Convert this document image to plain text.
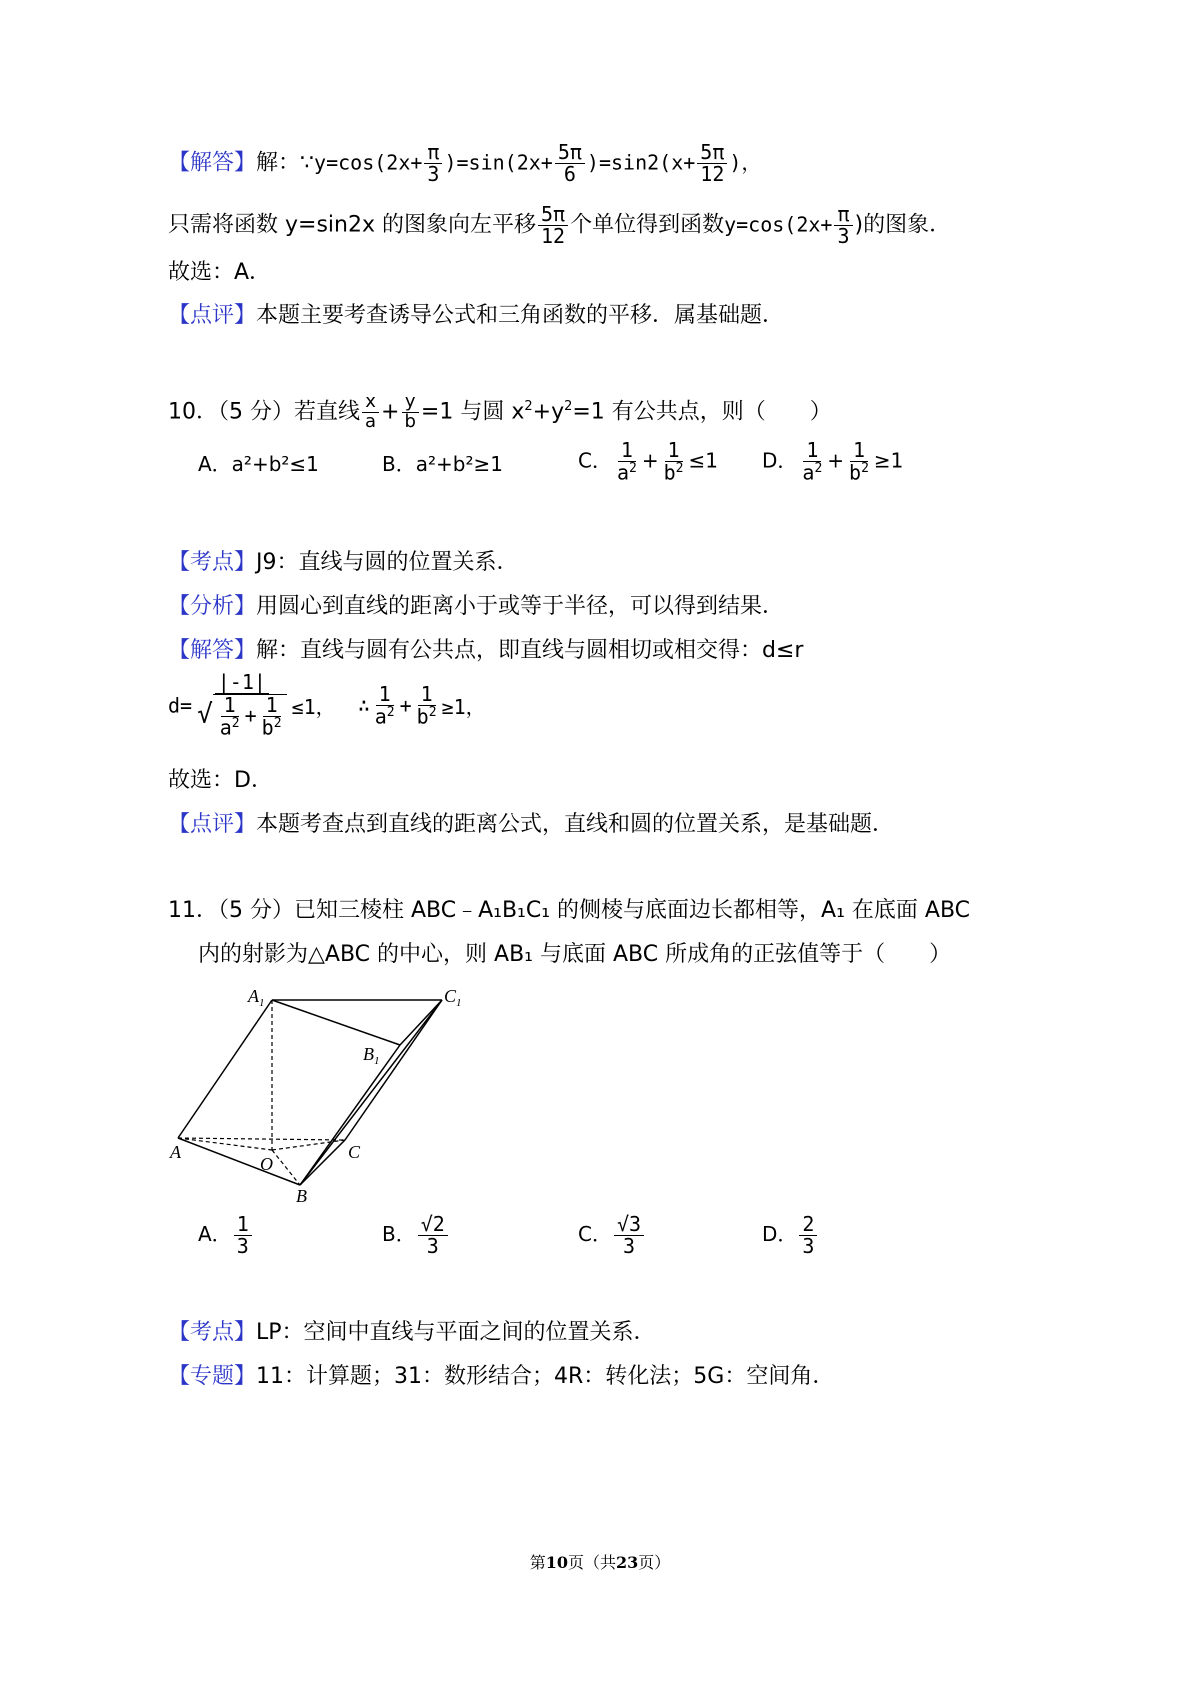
【解答】解：∵y=cos(2x+ $\frac{\pi}{3} )=\sin(2x+ \frac{5\pi}{6} )=\sin 2(x+ \frac{5\pi}{12}$ )，
只需将函数 y=sin2x 的图象向左平移 $\frac{5\pi}{12}$ 个单位得到函数$y=\cos(2x+ \frac{\pi}{3}$ )的图象．
故选：A．
【点评】本题主要考查诱导公式和三角函数的平移．属基础题．
10．（5 分）若直线 $\frac{x}{a} + \frac{y}{b} =1$ 与圆 $x^2+y^2=1$ 有公共点，则（　　）
A．a²+b²≤1	B．a²+b²≥1	C． $\frac{1}{a^2} + \frac{1}{b^2} \le 1$ D． $\frac{1}{a^2} + \frac{1}{b^2} \ge 1$
【考点】J9：直线与圆的位置关系．
【分析】用圆心到直线的距离小于或等于半径，可以得到结果．
【解答】解：直线与圆有公共点，即直线与圆相切或相交得：d≤r
$d= \frac{|-1|}{√ \frac{1}{a^2} + \frac{1}{b^2}} \le 1$， ∴ $\frac{1}{a^2} + \frac{1}{b^2} \ge 1$，
故选：D．
【点评】本题考查点到直线的距离公式，直线和圆的位置关系，是基础题．
11．（5 分）已知三棱柱 ABC﹣A₁B₁C₁ 的侧棱与底面边长都相等，A₁ 在底面 ABC
内的射影为△ABC 的中心，则 AB₁ 与底面 ABC 所成角的正弦值等于（　　）
$A_1$	$C_1$
$B_1$
A	C
O
B
A． $\frac{1}{3}$	B． $\frac{√2}{3}$	C． $\frac{√3}{3}$	D． $\frac{2}{3}$
【考点】LP：空间中直线与平面之间的位置关系．
【专题】11：计算题；31：数形结合；4R：转化法；5G：空间角．
第10页（共23页）
